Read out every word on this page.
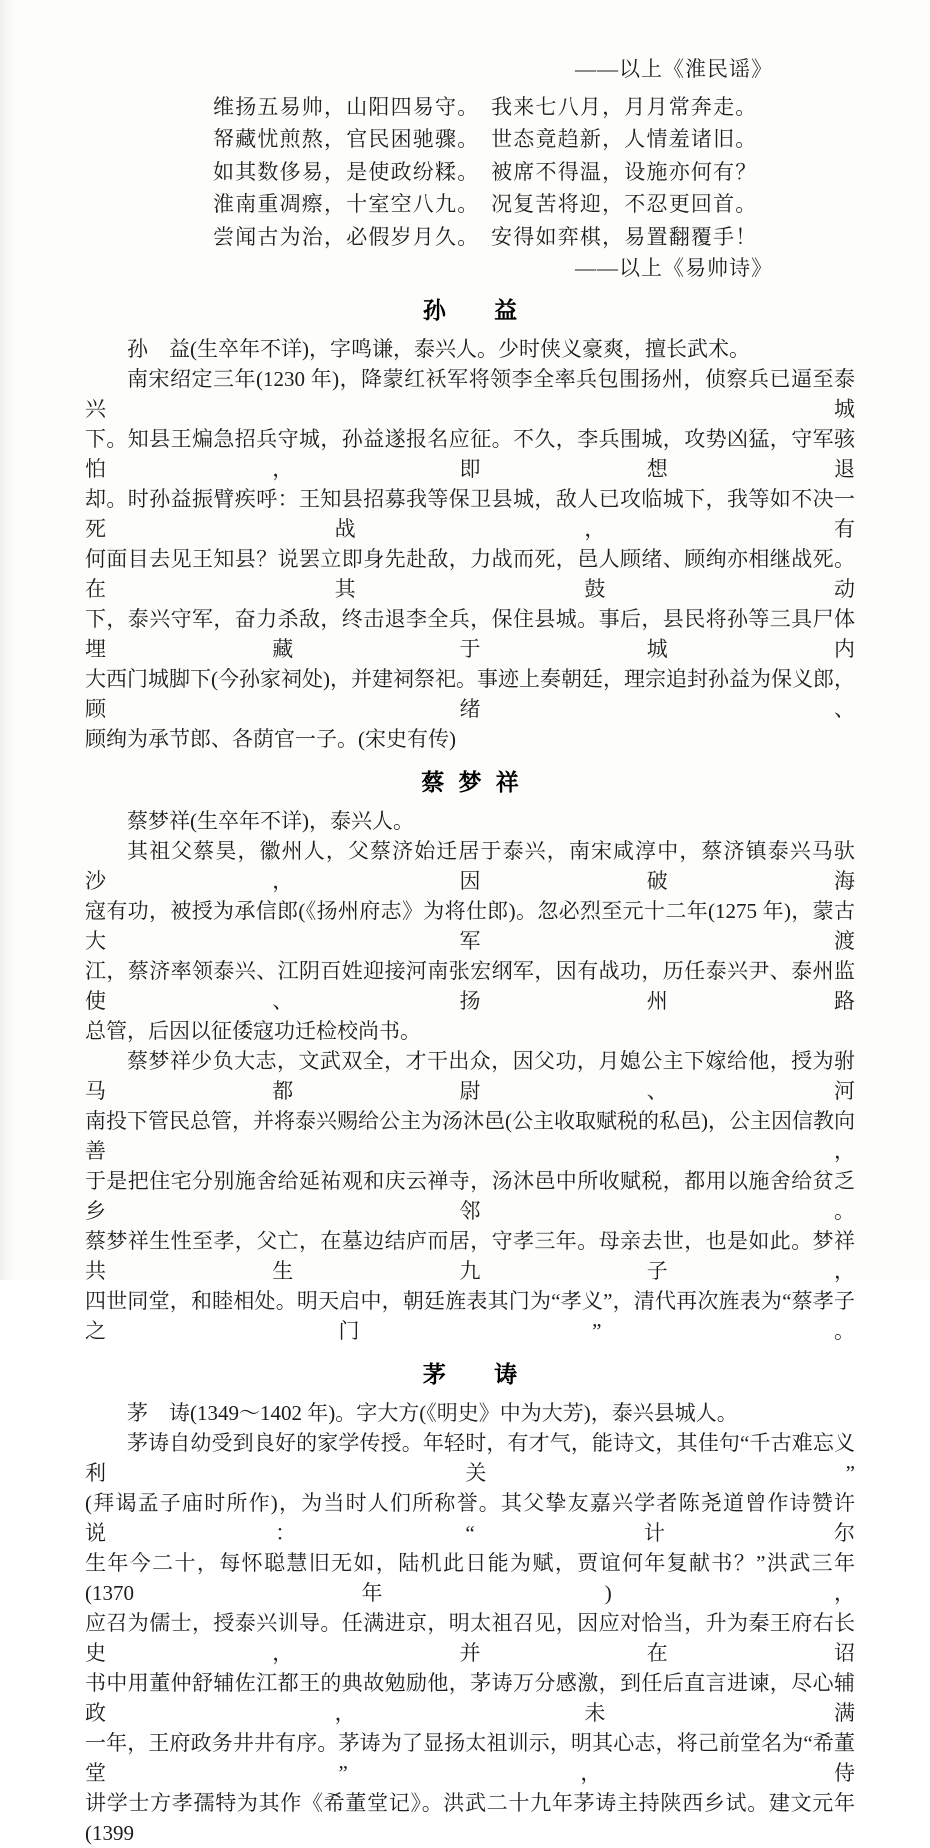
——以上《淮民谣》
维扬五易帅，山阳四易守。　我来七八月，月月常奔走。
帑藏忧煎熬，官民困驰骤。　世态竟趋新，人情羞诸旧。
如其数侈易，是使政纷糅。　被席不得温，设施亦何有？
淮南重凋瘵，十室空八九。　况复苦将迎，不忍更回首。
尝闻古为治，必假岁月久。　安得如弈棋，易置翻覆手！
——以上《易帅诗》
孙益
孙　益(生卒年不详)，字鸣谦，泰兴人。少时侠义豪爽，擅长武术。
南宋绍定三年(1230 年)，降蒙红袄军将领李全率兵包围扬州，侦察兵已逼至泰兴城
下。知县王煸急招兵守城，孙益遂报名应征。不久，李兵围城，攻势凶猛，守军骇怕，即想退
却。时孙益振臂疾呼：王知县招募我等保卫县城，敌人已攻临城下，我等如不决一死战，有
何面目去见王知县？说罢立即身先赴敌，力战而死，邑人顾绪、顾绚亦相继战死。在其鼓动
下，泰兴守军，奋力杀敌，终击退李全兵，保住县城。事后，县民将孙等三具尸体埋藏于城内
大西门城脚下(今孙家祠处)，并建祠祭祀。事迹上奏朝廷，理宗追封孙益为保义郎，顾绪、
顾绚为承节郎、各荫官一子。(宋史有传)
蔡梦祥
蔡梦祥(生卒年不详)，泰兴人。
其祖父蔡昊，徽州人，父蔡济始迁居于泰兴，南宋咸淳中，蔡济镇泰兴马驮沙，因破海
寇有功，被授为承信郎(《扬州府志》为将仕郎)。忽必烈至元十二年(1275 年)，蒙古大军渡
江，蔡济率领泰兴、江阴百姓迎接河南张宏纲军，因有战功，历任泰兴尹、泰州监使、扬州路
总管，后因以征倭寇功迁检校尚书。
蔡梦祥少负大志，文武双全，才干出众，因父功，月媳公主下嫁给他，授为驸马都尉、河
南投下管民总管，并将泰兴赐给公主为汤沐邑(公主收取赋税的私邑)，公主因信教向善，
于是把住宅分别施舍给延祐观和庆云禅寺，汤沐邑中所收赋税，都用以施舍给贫乏乡邻。
蔡梦祥生性至孝，父亡，在墓边结庐而居，守孝三年。母亲去世，也是如此。梦祥共生九子，
四世同堂，和睦相处。明天启中，朝廷旌表其门为“孝义”，清代再次旌表为“蔡孝子之门”。
茅诪
茅　诪(1349～1402 年)。字大方(《明史》中为大芳)，泰兴县城人。
茅诪自幼受到良好的家学传授。年轻时，有才气，能诗文，其佳句“千古难忘义利关”
(拜谒孟子庙时所作)，为当时人们所称誉。其父挚友嘉兴学者陈尧道曾作诗赞许说：“计尔
生年今二十，每怀聪慧旧无如，陆机此日能为赋，贾谊何年复献书？”洪武三年(1370 年)，
应召为儒士，授泰兴训导。任满进京，明太祖召见，因应对恰当，升为秦王府右长史，并在诏
书中用董仲舒辅佐江都王的典故勉励他，茅诪万分感激，到任后直言进谏，尽心辅政，未满
一年，王府政务井井有序。茅诪为了显扬太祖训示，明其心志，将己前堂名为“希董堂”，侍
讲学士方孝孺特为其作《希董堂记》。洪武二十九年茅诪主持陕西乡试。建文元年(1399
